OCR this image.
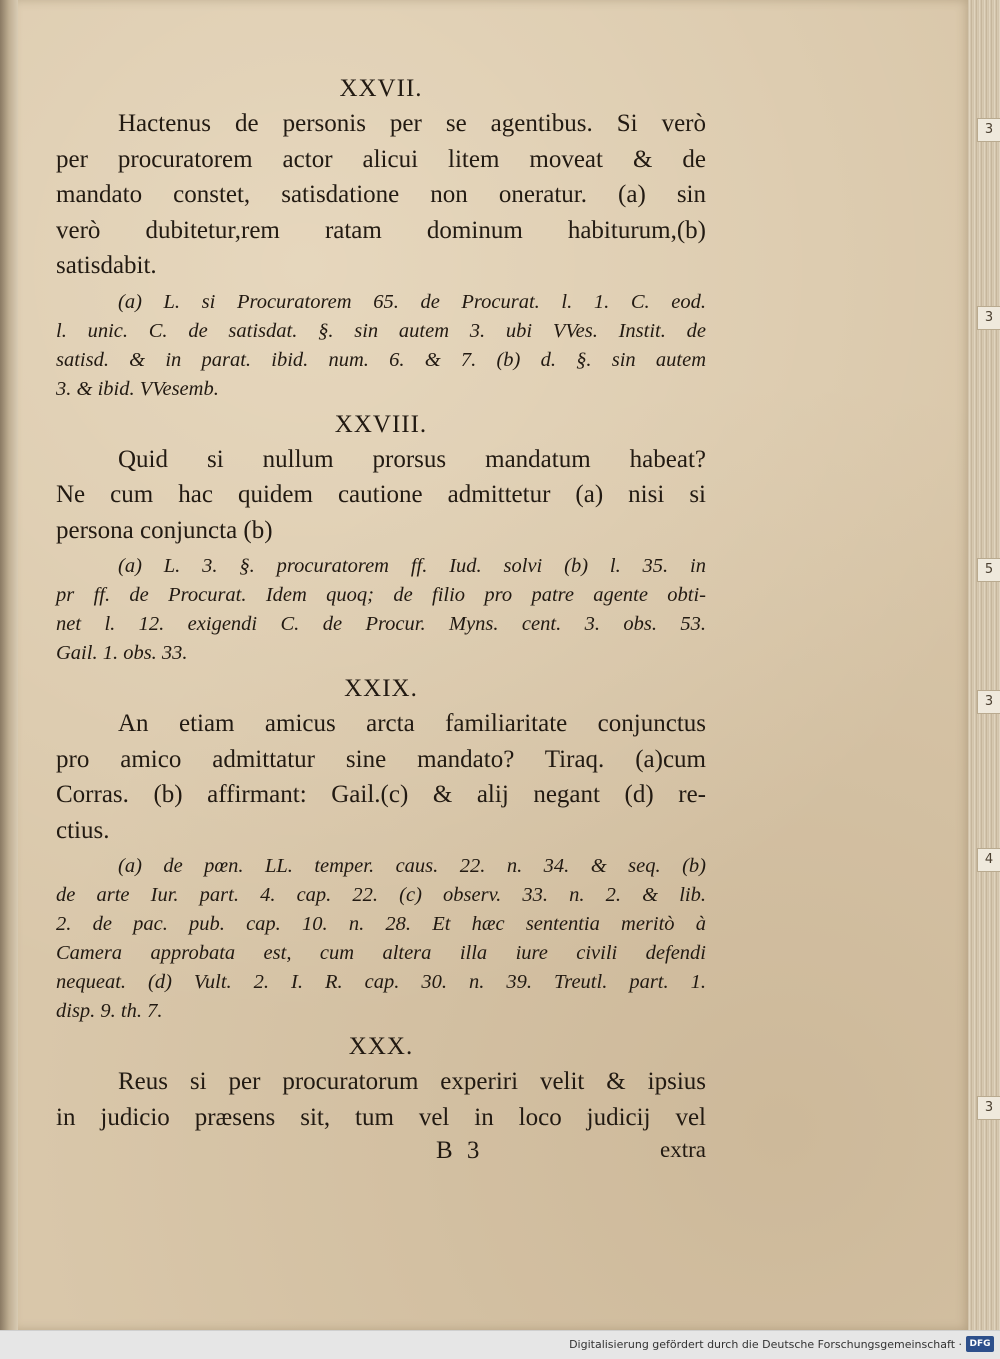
XXVII.

Hactenus de personis per se agentibus. Si verò
per procuratorem actor alicui litem moveat & de
mandato constet, satisdatione non oneratur. (a) sin
verò dubitetur,rem ratam dominum habiturum,(b)
satisdabit.
(a) L. si Procuratorem 65. de Procurat. l. 1. C. eod.
l. unic. C. de satisdat. §. sin autem 3. ubi VVes. Instit. de
satisd. & in parat. ibid. num. 6. & 7. (b) d. §. sin autem
3. & ibid. VVesemb.

XXVIII.

Quid si nullum prorsus mandatum habeat?
Ne cum hac quidem cautione admittetur (a) nisi si
persona conjuncta (b)
(a) L. 3. §. procuratorem ff. Iud. solvi (b) l. 35. in
pr ff. de Procurat. Idem quoq; de filio pro patre agente obti-
net l. 12. exigendi C. de Procur. Myns. cent. 3. obs. 53.
Gail. 1. obs. 33.

XXIX.

An etiam amicus arcta familiaritate conjunctus
pro amico admittatur sine mandato? Tiraq. (a)cum
Corras. (b) affirmant: Gail.(c) & alij negant (d) re-
ctius.
(a) de pœn. LL. temper. caus. 22. n. 34. & seq. (b)
de arte Iur. part. 4. cap. 22. (c) observ. 33. n. 2. & lib.
2. de pac. pub. cap. 10. n. 28. Et hæc sententia meritò à
Camera approbata est, cum altera illa iure civili defendi
nequeat. (d) Vult. 2. I. R. cap. 30. n. 39. Treutl. part. 1.
disp. 9. th. 7.

XXX.

Reus si per procuratorum experiri velit & ipsius
in judicio præsens sit, tum vel in loco judicij vel
B 3	extra
3
3
5
3
4
3
Digitalisierung gefördert durch die Deutsche Forschungsgemeinschaft · DFG
